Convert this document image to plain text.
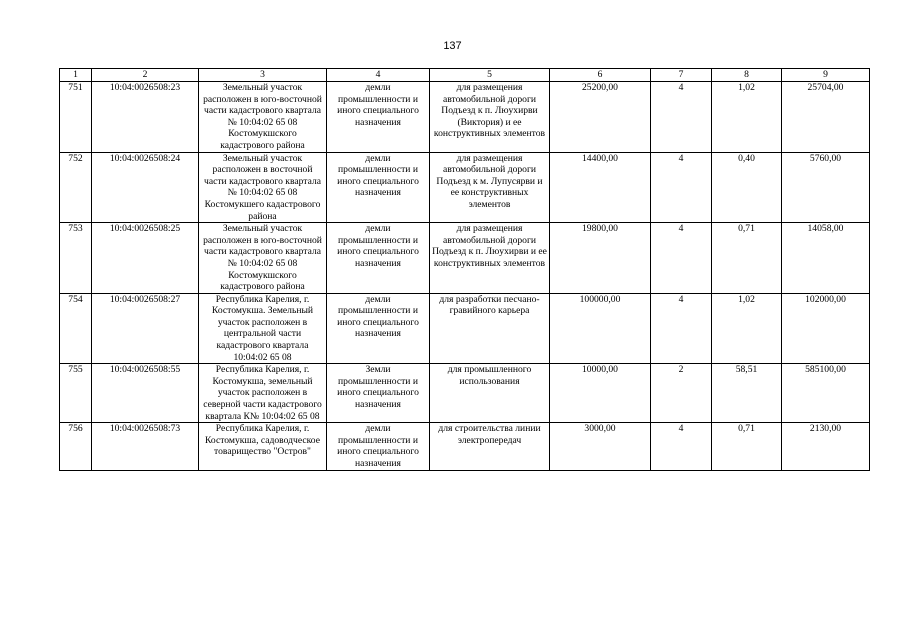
137
1	2	3	4	5	6	7	8	9
751	10:04:0026508:23	Земельный участок расположен в юго-восточной части кадастрового квартала № 10:04:02 65 08 Костомукшского кадастрового района	демли промышленности и иного специального назначения	для размещения автомобильной дороги Подъезд к п. Люухирви (Виктория) и ее конструктивных элементов	25200,00	4	1,02	25704,00
752	10:04:0026508:24	Земельный участок расположен в восточной части кадастрового квартала № 10:04:02 65 08 Костомукшего кадастрового района	демли промышленности и иного специального назначения	для размещения автомобильной дороги Подъезд к м. Лупусярви и ее конструктивных элементов	14400,00	4	0,40	5760,00
753	10:04:0026508:25	Земельный участок расположен в юго-восточной части кадастрового квартала № 10:04:02 65 08 Костомукшского кадастрового района	демли промышленности и иного специального назначения	для размещения автомобильной дороги Подъезд к п. Люухирви и ее конструктивных элементов	19800,00	4	0,71	14058,00
754	10:04:0026508:27	Республика Карелия, г. Костомукша. Земельный участок расположен в центральной части кадастрового квартала 10:04:02 65 08	демли промышленности и иного специального назначения	для разработки песчано-гравийного карьера	100000,00	4	1,02	102000,00
755	10:04:0026508:55	Республика Карелия, г. Костомукша, земельный участок расположен в северной части кадастрового квартала К№ 10:04:02 65 08	Земли промышленности и иного специального назначения	для промышленного использования	10000,00	2	58,51	585100,00
756	10:04:0026508:73	Республика Карелия, г. Костомукша, садоводческое товарищество "Остров"	демли промышленности и иного специального назначения	для строительства линии электропередач	3000,00	4	0,71	2130,00
